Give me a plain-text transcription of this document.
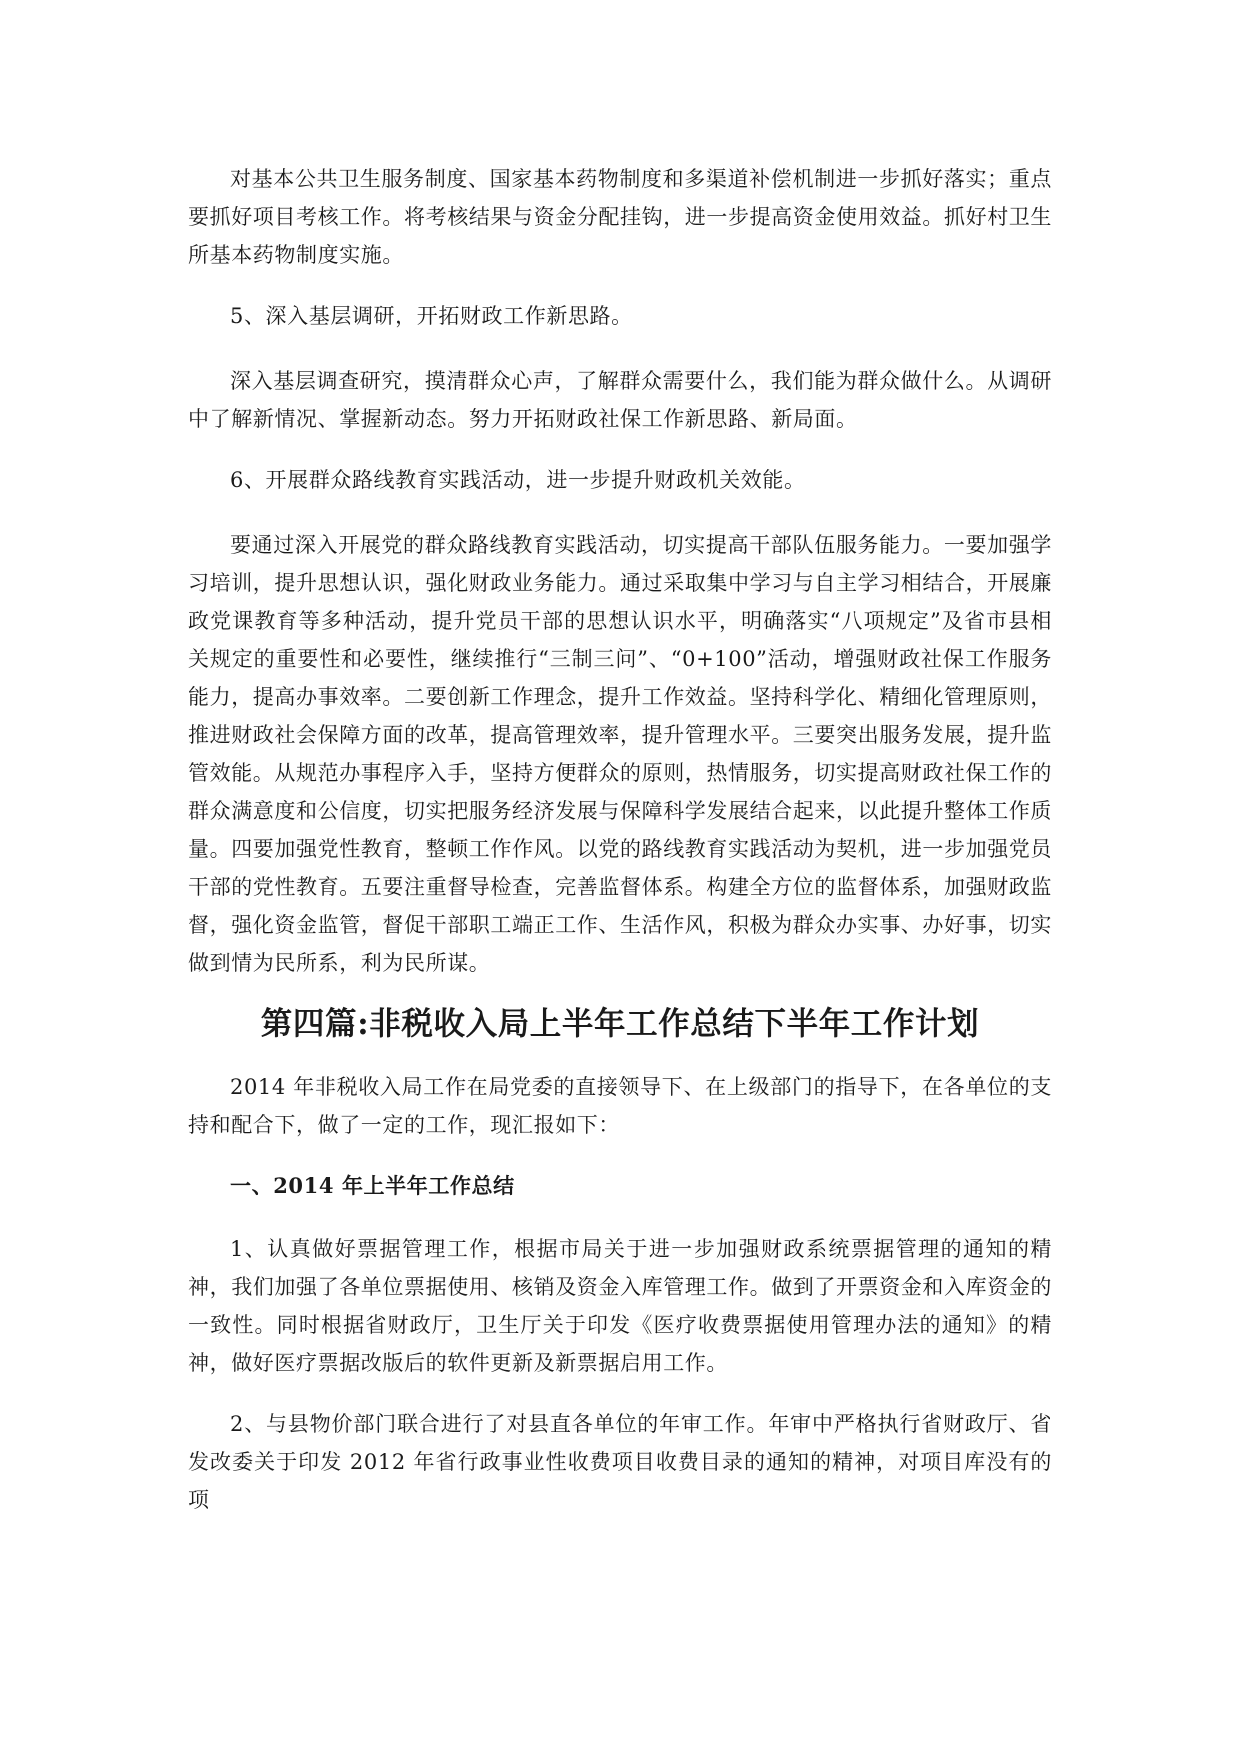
对基本公共卫生服务制度、国家基本药物制度和多渠道补偿机制进一步抓好落实；重点要抓好项目考核工作。将考核结果与资金分配挂钩，进一步提高资金使用效益。抓好村卫生所基本药物制度实施。

5、深入基层调研，开拓财政工作新思路。

深入基层调查研究，摸清群众心声，了解群众需要什么，我们能为群众做什么。从调研中了解新情况、掌握新动态。努力开拓财政社保工作新思路、新局面。

6、开展群众路线教育实践活动，进一步提升财政机关效能。

要通过深入开展党的群众路线教育实践活动，切实提高干部队伍服务能力。一要加强学习培训，提升思想认识，强化财政业务能力。通过采取集中学习与自主学习相结合，开展廉政党课教育等多种活动，提升党员干部的思想认识水平，明确落实“八项规定”及省市县相关规定的重要性和必要性，继续推行“三制三问”、“0+100”活动，增强财政社保工作服务能力，提高办事效率。二要创新工作理念，提升工作效益。坚持科学化、精细化管理原则，推进财政社会保障方面的改革，提高管理效率，提升管理水平。三要突出服务发展，提升监管效能。从规范办事程序入手，坚持方便群众的原则，热情服务，切实提高财政社保工作的群众满意度和公信度，切实把服务经济发展与保障科学发展结合起来，以此提升整体工作质量。四要加强党性教育，整顿工作作风。以党的路线教育实践活动为契机，进一步加强党员干部的党性教育。五要注重督导检查，完善监督体系。构建全方位的监督体系，加强财政监督，强化资金监管，督促干部职工端正工作、生活作风，积极为群众办实事、办好事，切实做到情为民所系，利为民所谋。

第四篇:非税收入局上半年工作总结下半年工作计划

2014 年非税收入局工作在局党委的直接领导下、在上级部门的指导下，在各单位的支持和配合下，做了一定的工作，现汇报如下：

一、2014 年上半年工作总结

1、认真做好票据管理工作，根据市局关于进一步加强财政系统票据管理的通知的精神，我们加强了各单位票据使用、核销及资金入库管理工作。做到了开票资金和入库资金的一致性。同时根据省财政厅，卫生厅关于印发《医疗收费票据使用管理办法的通知》的精神，做好医疗票据改版后的软件更新及新票据启用工作。

2、与县物价部门联合进行了对县直各单位的年审工作。年审中严格执行省财政厅、省发改委关于印发 2012 年省行政事业性收费项目收费目录的通知的精神，对项目库没有的项
